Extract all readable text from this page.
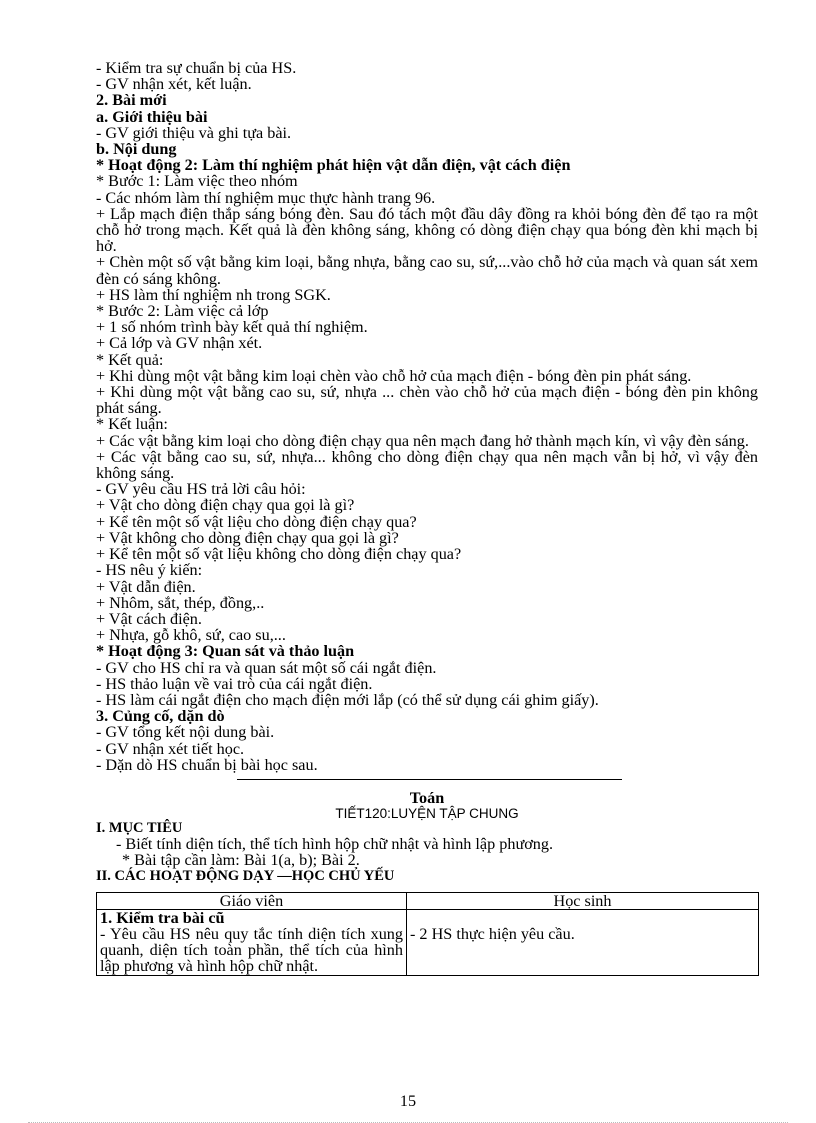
- Kiểm tra sự chuẩn bị của HS.
- GV nhận xét, kết luận.
2. Bài mới
a. Giới thiệu bài
- GV giới thiệu và ghi tựa bài.
b. Nội dung
* Hoạt động 2: Làm thí nghiệm phát hiện vật dẫn điện, vật cách điện
* Bước 1: Làm việc theo nhóm
- Các nhóm làm thí nghiệm mục thực hành trang 96.
+ Lắp mạch điện thắp sáng bóng đèn. Sau đó tách một đầu dây đồng ra khỏi bóng đèn để tạo ra một chỗ hở trong mạch. Kết quả là đèn không sáng, không có dòng điện chạy qua bóng đèn khi mạch bị hở.
+ Chèn một số vật bằng kim loại, bằng nhựa, bằng cao su, sứ,...vào chỗ hở của mạch và quan sát xem đèn có sáng không.
+ HS làm thí nghiệm nh trong SGK.
* Bước 2: Làm việc cả lớp
+ 1 số nhóm trình bày kết quả thí nghiệm.
+ Cả lớp và GV nhận xét.
* Kết quả:
+ Khi dùng một vật bằng kim loại chèn vào chỗ hở của mạch điện - bóng đèn pin phát sáng.
+ Khi dùng một vật bằng cao su, sứ, nhựa ... chèn vào chỗ hở của mạch điện - bóng đèn pin không phát sáng.
* Kết luận:
+ Các vật bằng kim loại cho dòng điện chạy qua nên mạch đang hở thành mạch kín, vì vậy đèn sáng.
+ Các vật bằng cao su, sứ, nhựa... không cho dòng điện chạy qua nên mạch vẫn bị hở, vì vậy đèn không sáng.
- GV yêu cầu HS trả lời câu hỏi:
+ Vật cho dòng điện chạy qua gọi là gì?
+ Kể tên một số vật liệu cho dòng điện chạy qua?
+ Vật không cho dòng điện chạy qua gọi là gì?
+ Kể tên một số vật liệu không cho dòng điện chạy qua?
- HS nêu ý kiến:
+ Vật dẫn điện.
+ Nhôm, sắt, thép, đồng,..
+ Vật cách điện.
+ Nhựa, gỗ khô, sứ, cao su,...
* Hoạt động 3: Quan sát và thảo luận
- GV cho HS chỉ ra và quan sát một số cái ngắt điện.
- HS thảo luận về vai trò của cái ngắt điện.
- HS làm cái ngắt điện cho mạch điện mới lắp (có thể sử dụng cái ghim giấy).
3. Củng cố, dặn dò
- GV tổng kết nội dung bài.
- GV nhận xét tiết học.
- Dặn dò HS chuẩn bị bài học sau.
Toán
TIẾT120:LUYỆN TẬP CHUNG
I. MỤC TIÊU
- Biết tính diện tích, thể tích hình hộp chữ nhật và hình lập phương.
* Bài tập cần làm: Bài 1(a, b); Bài 2.
II. CÁC HOẠT ĐỘNG DẠY —HỌC CHỦ YẾU
Giáo viên	Học sinh

1. Kiểm tra bài cũ
- Yêu cầu HS nêu quy tắc tính diện tích xung quanh, diện tích toàn phần, thể tích của hình lập phương và hình hộp chữ nhật.	- 2 HS thực hiện yêu cầu.
15
